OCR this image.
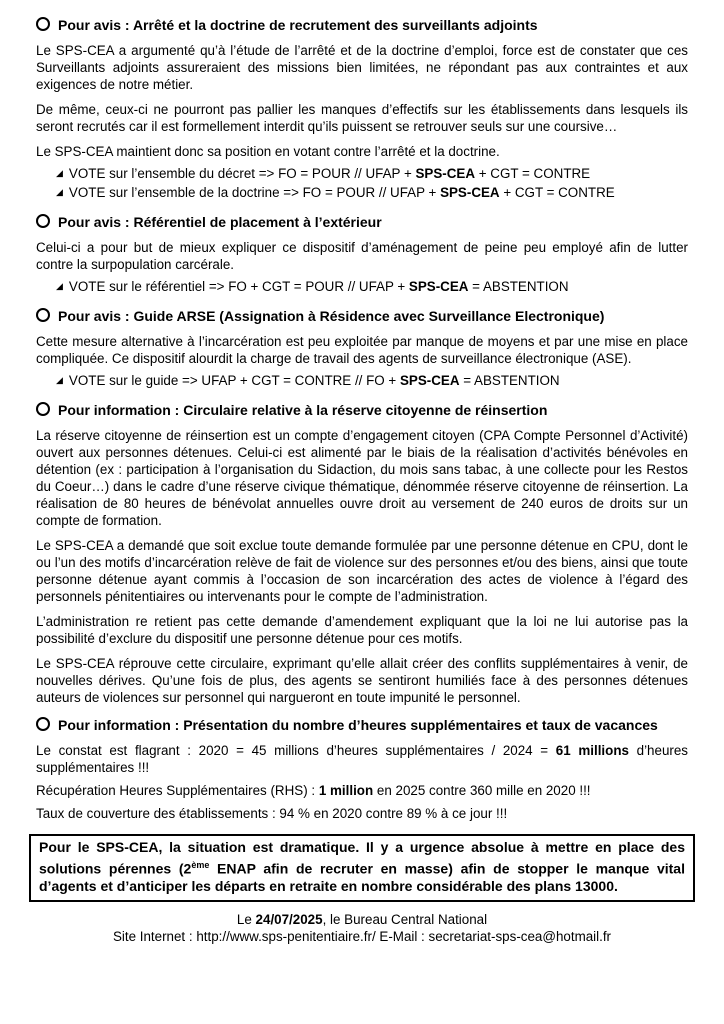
Pour avis : Arrêté et la doctrine de recrutement des surveillants adjoints

Le SPS-CEA a argumenté qu’à l’étude de l’arrêté et de la doctrine d’emploi, force est de constater que ces Surveillants adjoints assureraient des missions bien limitées, ne répondant pas aux contraintes et aux exigences de notre métier.

De même, ceux-ci ne pourront pas pallier les manques d’effectifs sur les établissements dans lesquels ils seront recrutés car il est formellement interdit qu’ils puissent se retrouver seuls sur une coursive…

Le SPS-CEA maintient donc sa position en votant contre l’arrêté et la doctrine.

◢ VOTE sur l’ensemble du décret => FO = POUR // UFAP + SPS-CEA + CGT = CONTRE
◢ VOTE sur l’ensemble de la doctrine => FO = POUR // UFAP + SPS-CEA + CGT = CONTRE
Pour avis : Référentiel de placement à l’extérieur

Celui-ci a pour but de mieux expliquer ce dispositif d’aménagement de peine peu employé afin de lutter contre la surpopulation carcérale.

◢ VOTE sur le référentiel => FO + CGT = POUR // UFAP + SPS-CEA = ABSTENTION
Pour avis : Guide ARSE (Assignation à Résidence avec Surveillance Electronique)

Cette mesure alternative à l’incarcération est peu exploitée par manque de moyens et par une mise en place compliquée. Ce dispositif alourdit la charge de travail des agents de surveillance électronique (ASE).

◢ VOTE sur le guide => UFAP + CGT = CONTRE // FO + SPS-CEA = ABSTENTION
Pour information : Circulaire relative à la réserve citoyenne de réinsertion

La réserve citoyenne de réinsertion est un compte d’engagement citoyen (CPA Compte Personnel d’Activité) ouvert aux personnes détenues. Celui-ci est alimenté par le biais de la réalisation d’activités bénévoles en détention (ex : participation à l’organisation du Sidaction, du mois sans tabac, à une collecte pour les Restos du Coeur…) dans le cadre d’une réserve civique thématique, dénommée réserve citoyenne de réinsertion. La réalisation de 80 heures de bénévolat annuelles ouvre droit au versement de 240 euros de droits sur un compte de formation.

Le SPS-CEA a demandé que soit exclue toute demande formulée par une personne détenue en CPU, dont le ou l’un des motifs d’incarcération relève de fait de violence sur des personnes et/ou des biens, ainsi que toute personne détenue ayant commis à l’occasion de son incarcération des actes de violence à l’égard des personnels pénitentiaires ou intervenants pour le compte de l’administration.

L’administration re retient pas cette demande d’amendement expliquant que la loi ne lui autorise pas la possibilité d’exclure du dispositif une personne détenue pour ces motifs.

Le SPS-CEA réprouve cette circulaire, exprimant qu’elle allait créer des conflits supplémentaires à venir, de nouvelles dérives. Qu’une fois de plus, des agents se sentiront humiliés face à des personnes détenues auteurs de violences sur personnel qui nargueront en toute impunité le personnel.

Pour information : Présentation du nombre d’heures supplémentaires et taux de vacances

Le constat est flagrant : 2020 = 45 millions d’heures supplémentaires / 2024 = 61 millions d’heures supplémentaires !!!

Récupération Heures Supplémentaires (RHS) : 1 million en 2025 contre 360 mille en 2020 !!!

Taux de couverture des établissements : 94 % en 2020 contre 89 % à ce jour !!!

Pour le SPS-CEA, la situation est dramatique. Il y a urgence absolue à mettre en place des solutions pérennes (2ème ENAP afin de recruter en masse) afin de stopper le manque vital d’agents et d’anticiper les départs en retraite en nombre considérable des plans 13000.
Le 24/07/2025, le Bureau Central National
Site Internet : http://www.sps-penitentiaire.fr/ E-Mail : secretariat-sps-cea@hotmail.fr
